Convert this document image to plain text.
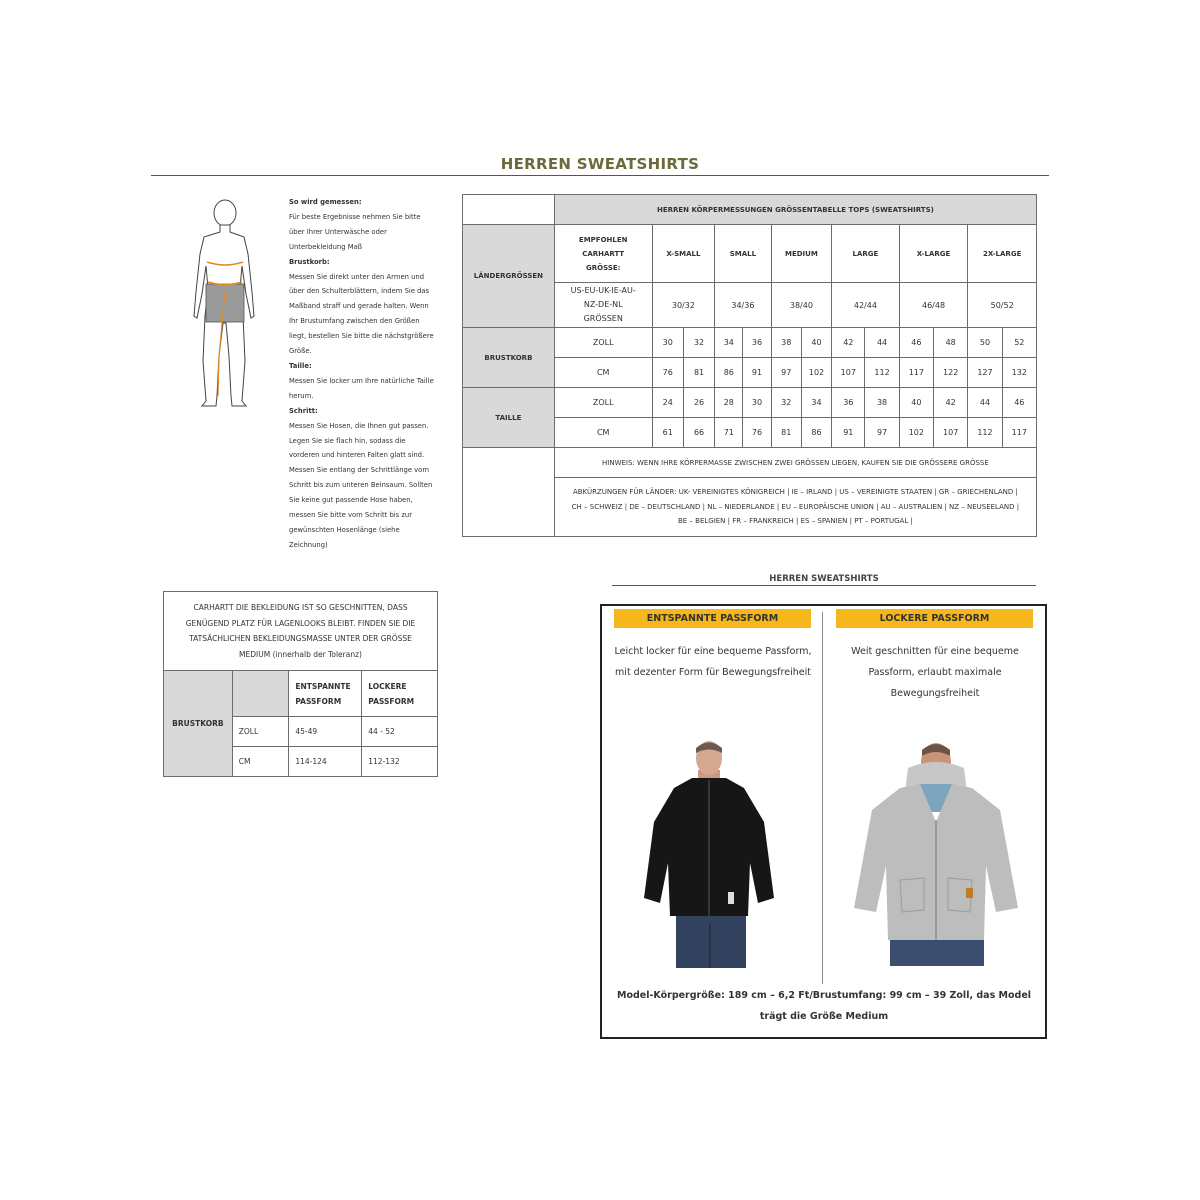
HERREN SWEATSHIRTS
So wird gemessen:
Für beste Ergebnisse nehmen Sie bitte über Ihrer Unterwäsche oder Unterbekleidung Maß
Brustkorb:
Messen Sie direkt unter den Armen und über den Schulterblättern, indem Sie das Maßband straff und gerade halten. Wenn Ihr Brustumfang zwischen den Größen liegt, bestellen Sie bitte die nächstgrößere Größe.
Taille:
Messen Sie locker um Ihre natürliche Taille herum.
Schritt:
Messen Sie Hosen, die Ihnen gut passen. Legen Sie sie flach hin, sodass die vorderen und hinteren Falten glatt sind. Messen Sie entlang der Schrittlänge vom Schritt bis zum unteren Beinsaum. Sollten Sie keine gut passende Hose haben, messen Sie bitte vom Schritt bis zur gewünschten Hosenlänge (siehe Zeichnung)
	HERREN KÖRPERMESSUNGEN GRÖSSENTABELLE TOPS (SWEATSHIRTS)												
LÄNDERGRÖSSEN	EMPFOHLEN CARHARTT GRÖSSE:	X-SMALL		SMALL		MEDIUM		LARGE		X-LARGE		2X-LARGE	
	US-EU-UK-IE-AU-NZ-DE-NL GRÖSSEN	30/32		34/36		38/40		42/44		46/48		50/52	
BRUSTKORB	ZOLL	30	32	34	36	38	40	42	44	46	48	50	52
	CM	76	81	86	91	97	102	107	112	117	122	127	132
TAILLE	ZOLL	24	26	28	30	32	34	36	38	40	42	44	46
	CM	61	66	71	76	81	86	91	97	102	107	112	117
	HINWEIS: WENN IHRE KÖRPERMASSE ZWISCHEN ZWEI GRÖSSEN LIEGEN, KAUFEN SIE DIE GRÖSSERE GRÖSSE												
	ABKÜRZUNGEN FÜR LÄNDER: UK- VEREINIGTES KÖNIGREICH | IE – IRLAND | US – VEREINIGTE STAATEN | GR – GRIECHENLAND | CH – SCHWEIZ | DE – DEUTSCHLAND | NL – NIEDERLANDE | EU – EUROPÄISCHE UNION | AU – AUSTRALIEN | NZ – NEUSEELAND | BE – BELGIEN | FR – FRANKREICH | ES – SPANIEN | PT – PORTUGAL |												
CARHARTT DIE BEKLEIDUNG IST SO GESCHNITTEN, DASS GENÜGEND PLATZ FÜR LAGENLOOKS BLEIBT. FINDEN SIE DIE TATSÄCHLICHEN BEKLEIDUNGSMASSE UNTER DER GRÖSSE MEDIUM (innerhalb der Toleranz)			
BRUSTKORB		ENTSPANNTE PASSFORM	LOCKERE PASSFORM
	ZOLL	45-49	44 - 52
	CM	114-124	112-132
HERREN SWEATSHIRTS
ENTSPANNTE PASSFORM
Leicht locker für eine bequeme Passform, mit dezenter Form für Bewegungsfreiheit
LOCKERE PASSFORM
Weit geschnitten für eine bequeme Passform, erlaubt maximale Bewegungsfreiheit
Model-Körpergröße: 189 cm – 6,2 Ft/Brustumfang: 99 cm – 39 Zoll, das Model trägt die Größe Medium
